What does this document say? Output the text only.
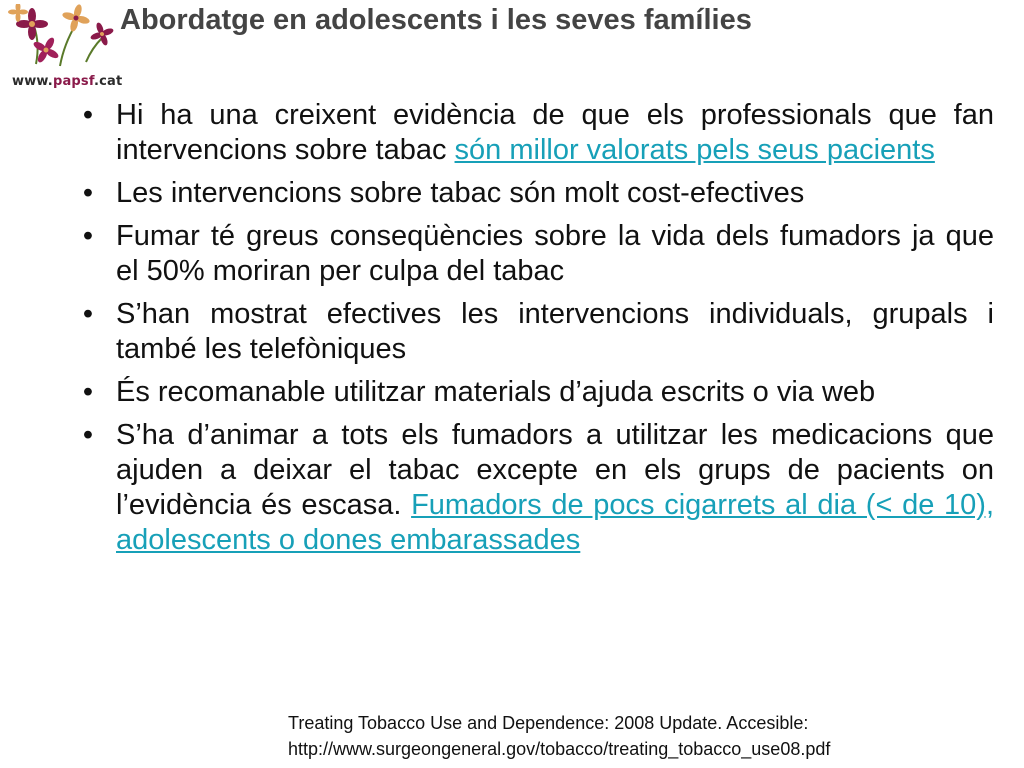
www.papsf.cat
Abordatge en adolescents i les seves famílies
• Hi ha una creixent evidència de que els professionals que fan intervencions sobre tabac són millor valorats pels seus pacients
• Les intervencions sobre tabac són molt cost-efectives
• Fumar té greus conseqüències sobre la vida dels fumadors ja que el 50% moriran per culpa del tabac
• S’han mostrat efectives les intervencions individuals, grupals i també les telefòniques
• És recomanable utilitzar materials d’ajuda escrits o via web
• S’ha d’animar a tots els fumadors a utilitzar les medicacions que ajuden a deixar el tabac excepte en els grups de pacients on l’evidència és escasa. Fumadors de pocs cigarrets al dia (< de 10), adolescents o dones embarassades
Treating Tobacco Use and Dependence: 2008 Update. Accesible:
http://www.surgeongeneral.gov/tobacco/treating_tobacco_use08.pdf
